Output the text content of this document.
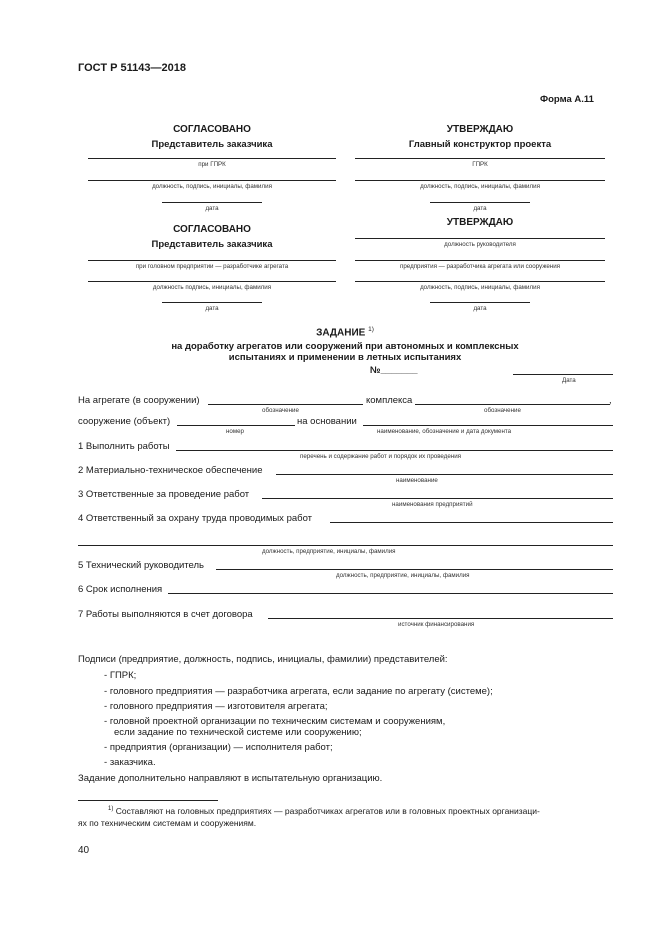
ГОСТ Р 51143—2018
Форма А.11
СОГЛАСОВАНО
Представитель заказчика
при ГПРК
должность, подпись, инициалы, фамилия
дата
УТВЕРЖДАЮ
Главный конструктор проекта
ГПРК
должность, подпись, инициалы, фамилия
дата
СОГЛАСОВАНО
Представитель заказчика
при головном предприятии — разработчике агрегата
должность подпись, инициалы, фамилия
дата
УТВЕРЖДАЮ
должность руководителя
предприятия — разработчика агрегата или сооружения
должность, подпись, инициалы, фамилия
дата
ЗАДАНИЕ $^{1)}$
на доработку агрегатов или сооружений при автономных и комплексных
испытаниях и применении в летных испытаниях
№_______
Дата
На агрегате (в сооружении)	комплекса	,
обозначение	обозначение
сооружение (объект)	на основании
номер	наименование, обозначение и дата документа
1 Выполнить работы
перечень и содержание работ и порядок их проведения
2 Материально-техническое обеспечение
наименование
3 Ответственные за проведение работ
наименования предприятий
4 Ответственный за охрану труда проводимых работ
должность, предприятие, инициалы, фамилия
5 Технический руководитель
должность, предприятие, инициалы, фамилия
6 Срок исполнения
7 Работы выполняются в счет договора
источник финансирования
Подписи (предприятие, должность, подпись, инициалы, фамилии) представителей:
- ГПРК;
- головного предприятия — разработчика агрегата, если задание по агрегату (системе);
- головного предприятия — изготовителя агрегата;
- головной проектной организации по техническим системам и сооружениям,
если задание по технической системе или сооружению;
- предприятия (организации) — исполнителя работ;
- заказчика.
Задание дополнительно направляют в испытательную организацию.
$^{1)}$ Составляют на головных предприятиях — разработчиках агрегатов или в головных проектных организаци-
ях по техническим системам и сооружениям.
40
